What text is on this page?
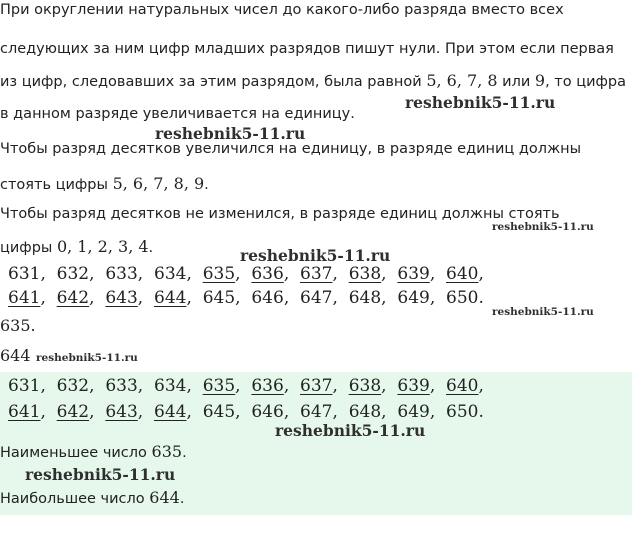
При округлении натуральных чисел до какого-либо разряда вместо всех
следующих за ним цифр младших разрядов пишут нули. При этом если первая
из цифр, следовавших за этим разрядом, была равной 5, 6, 7, 8 или 9, то цифра
в данном разряде увеличивается на единицу.
Чтобы разряд десятков увеличился на единицу, в разряде единиц должны
стоять цифры 5, 6, 7, 8, 9.
Чтобы разряд десятков не изменился, в разряде единиц должны стоять
цифры 0, 1, 2, 3, 4.
631,  632,  633,  634,  635,  636,  637,  638,  639,  640,
641,  642,  643,  644,  645,  646,  647,  648,  649,  650.
635.
644
631,  632,  633,  634,  635,  636,  637,  638,  639,  640,
641,  642,  643,  644,  645,  646,  647,  648,  649,  650.
Наименьшее число 635.
Наибольшее число 644.
reshebnik5-11.ru
reshebnik5-11.ru
reshebnik5-11.ru
reshebnik5-11.ru
reshebnik5-11.ru
reshebnik5-11.ru
reshebnik5-11.ru
reshebnik5-11.ru
